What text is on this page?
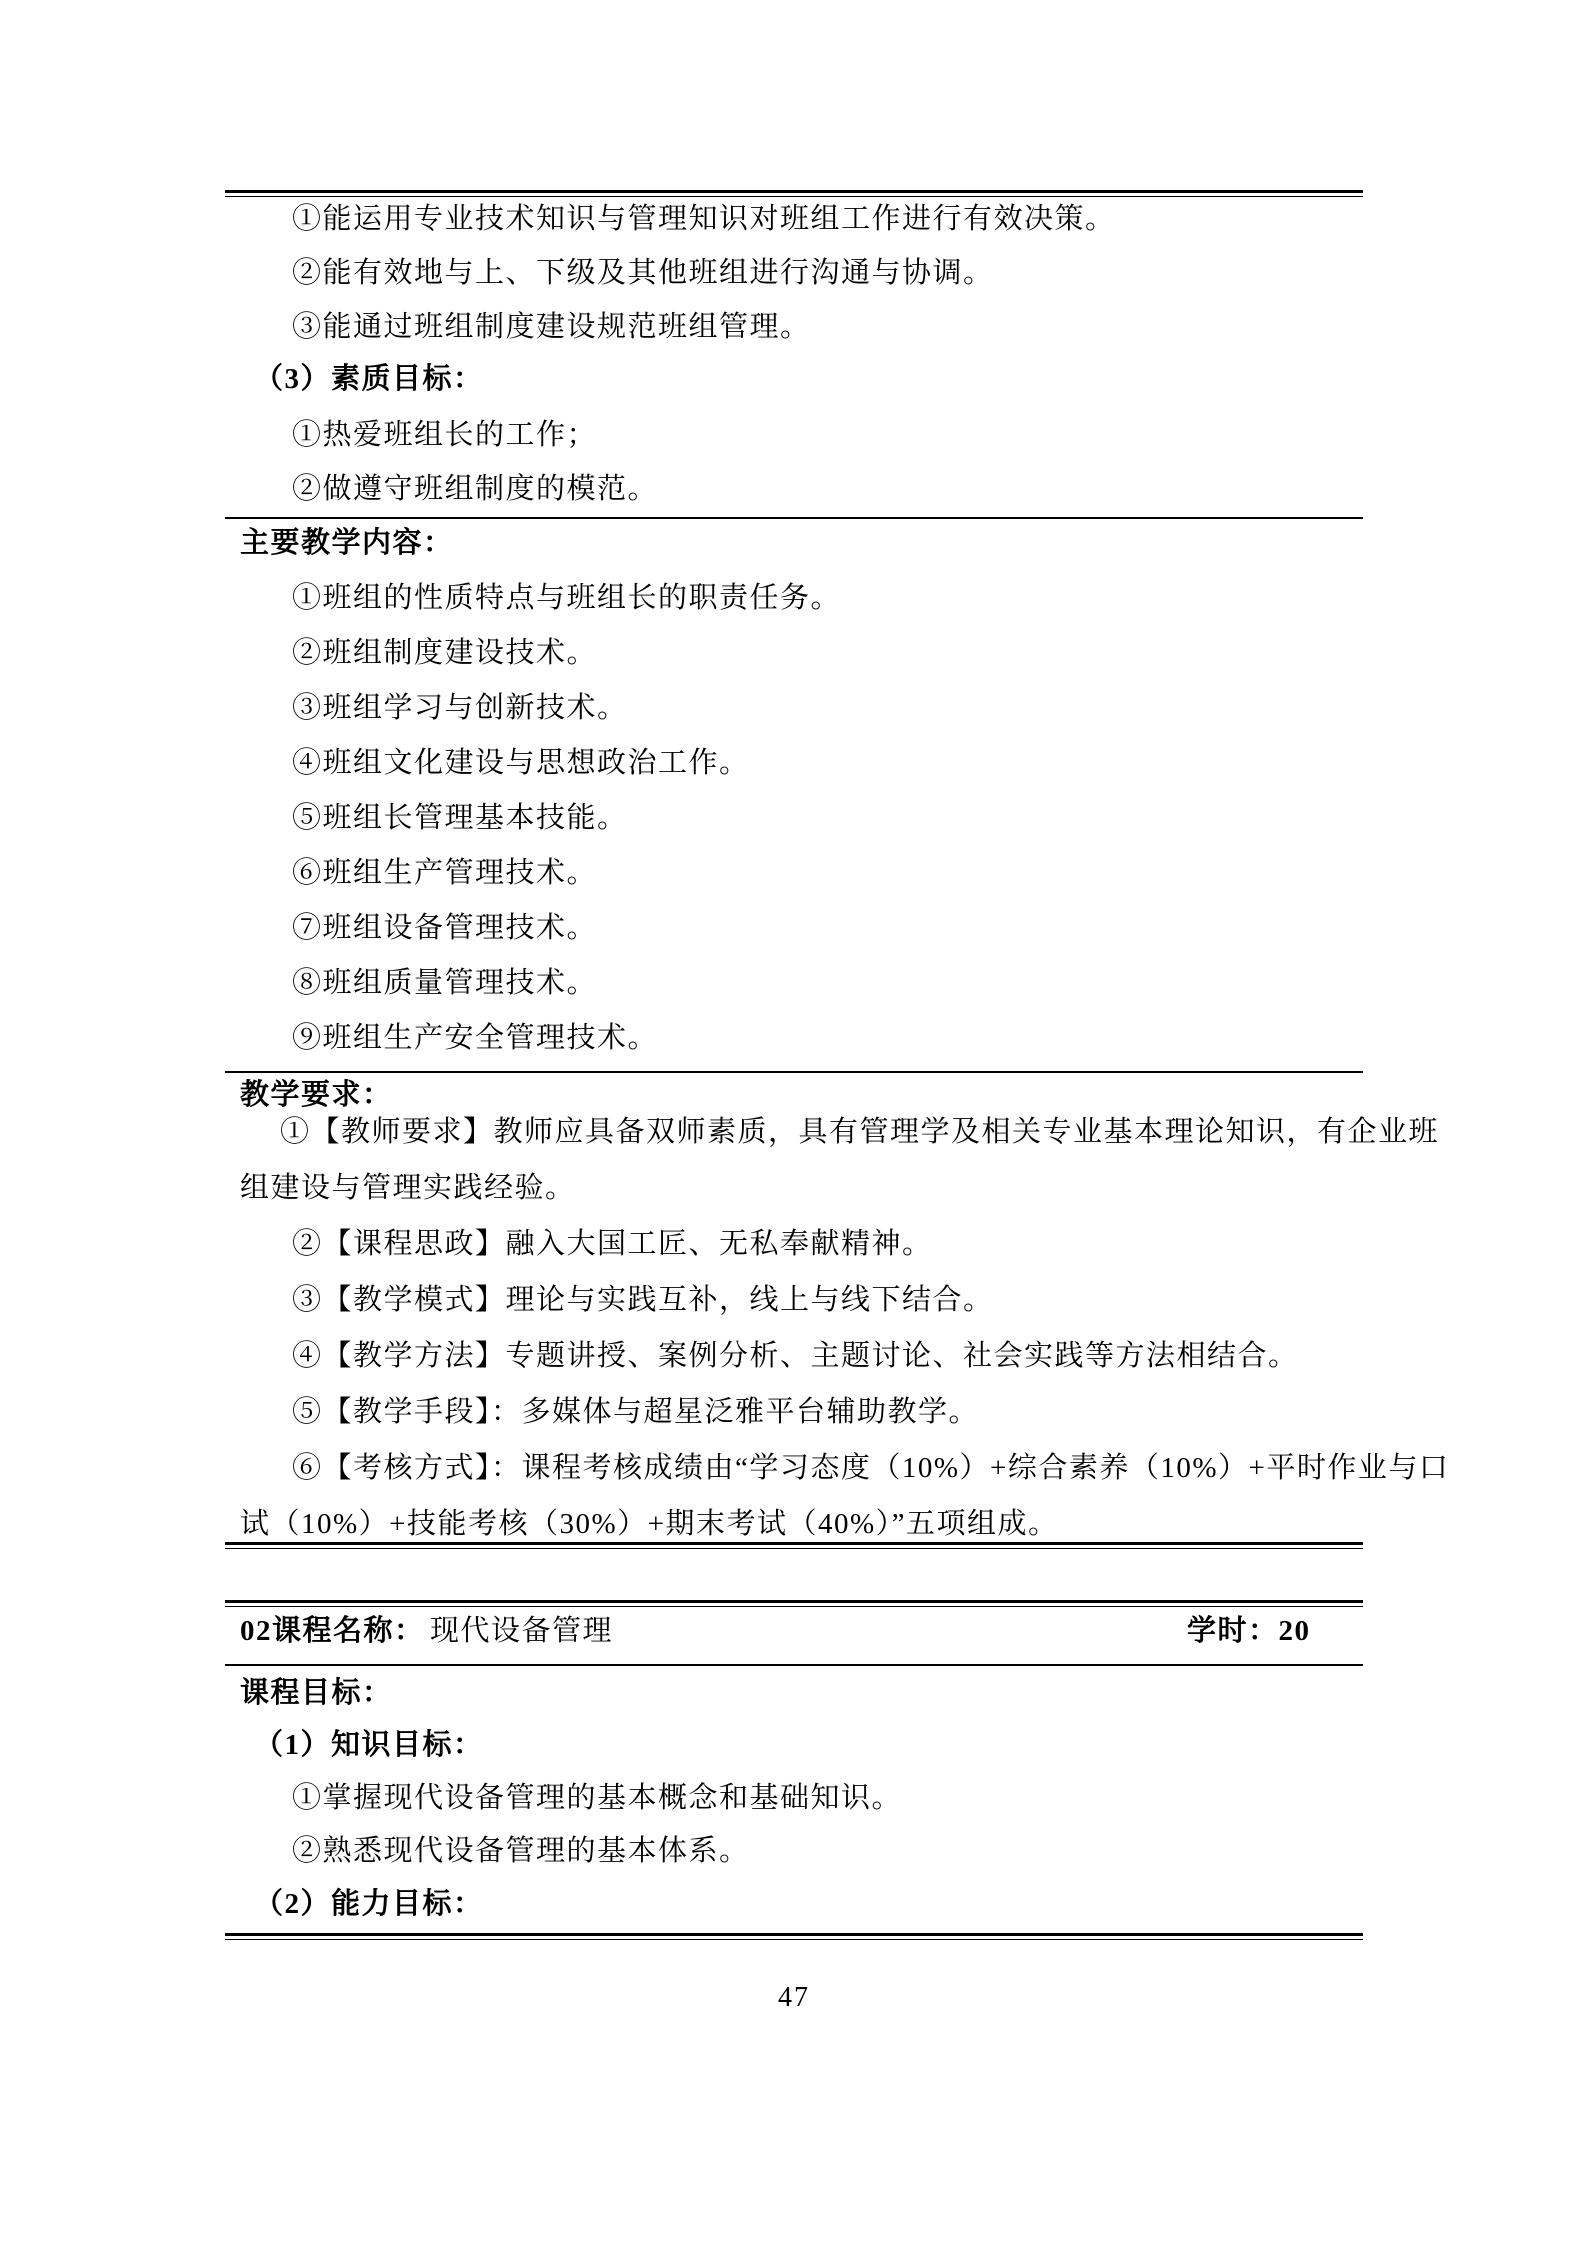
①能运用专业技术知识与管理知识对班组工作进行有效决策。
②能有效地与上、下级及其他班组进行沟通与协调。
③能通过班组制度建设规范班组管理。
（3）素质目标：
①热爱班组长的工作；
②做遵守班组制度的模范。
主要教学内容：
①班组的性质特点与班组长的职责任务。
②班组制度建设技术。
③班组学习与创新技术。
④班组文化建设与思想政治工作。
⑤班组长管理基本技能。
⑥班组生产管理技术。
⑦班组设备管理技术。
⑧班组质量管理技术。
⑨班组生产安全管理技术。
教学要求：
①【教师要求】教师应具备双师素质，具有管理学及相关专业基本理论知识，有企业班
组建设与管理实践经验。
②【课程思政】融入大国工匠、无私奉献精神。
③【教学模式】理论与实践互补，线上与线下结合。
④【教学方法】专题讲授、案例分析、主题讨论、社会实践等方法相结合。
⑤【教学手段】：多媒体与超星泛雅平台辅助教学。
⑥【考核方式】：课程考核成绩由“学习态度（10%）+综合素养（10%）+平时作业与口
试（10%）+技能考核（30%）+期末考试（40%）”五项组成。
02课程名称： 现代设备管理	学时：20
课程目标：
（1）知识目标：
①掌握现代设备管理的基本概念和基础知识。
②熟悉现代设备管理的基本体系。
（2）能力目标：
47
